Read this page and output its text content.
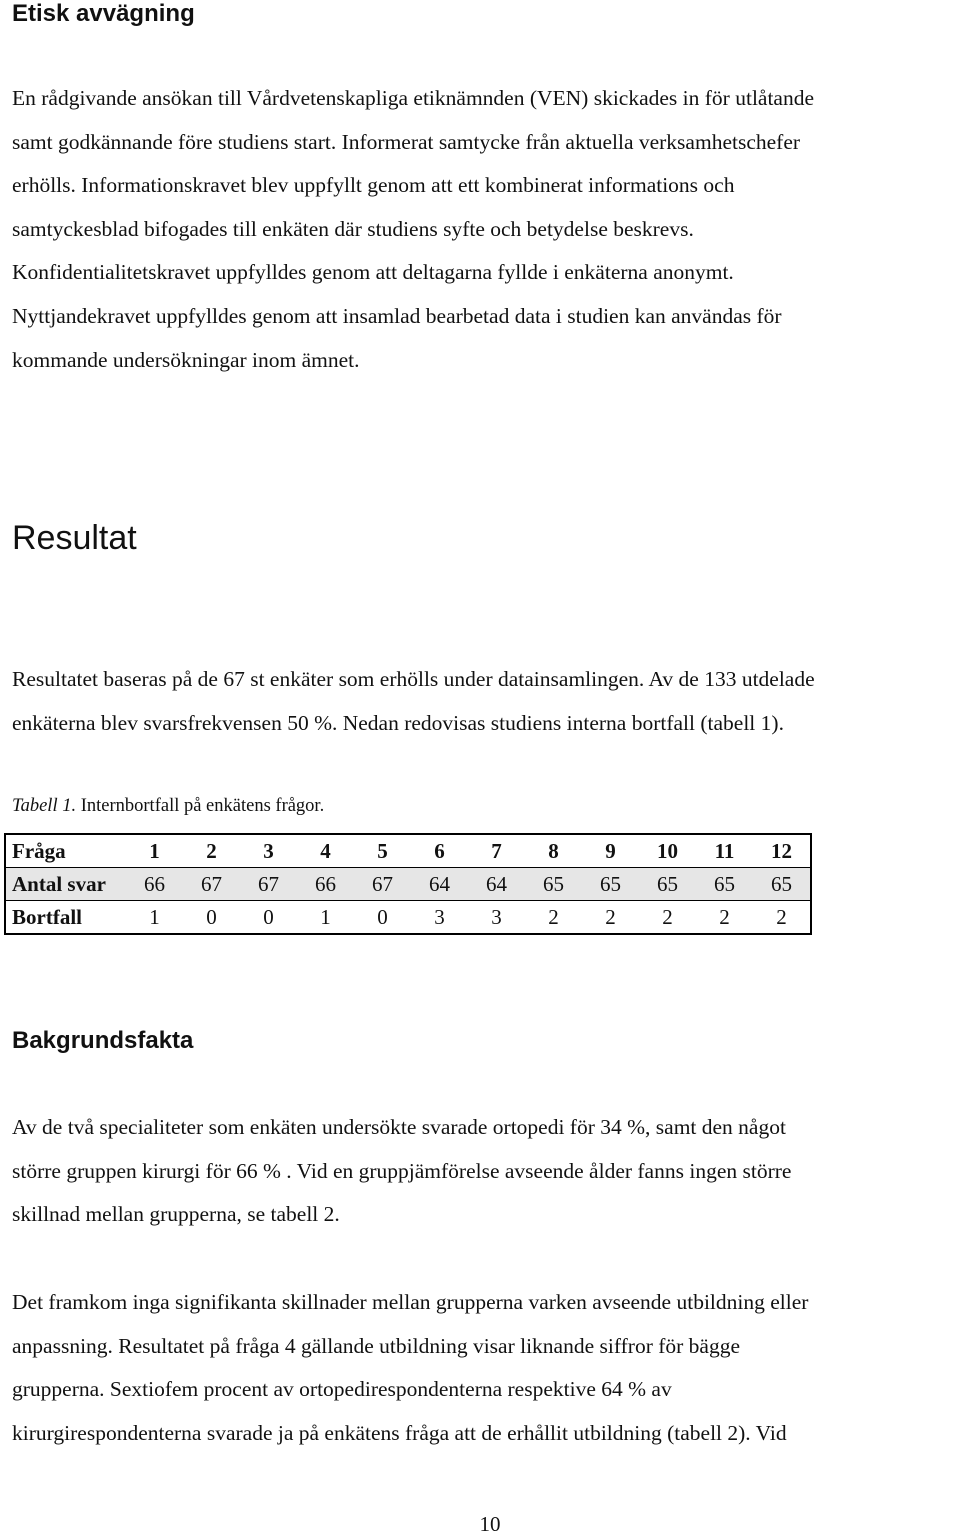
Etisk avvägning
En rådgivande ansökan till Vårdvetenskapliga etiknämnden (VEN) skickades in för utlåtande
samt godkännande före studiens start. Informerat samtycke från aktuella verksamhetschefer
erhölls. Informationskravet blev uppfyllt genom att ett kombinerat informations och
samtyckesblad bifogades till enkäten där studiens syfte och betydelse beskrevs.
Konfidentialitetskravet uppfylldes genom att deltagarna fyllde i enkäterna anonymt.
Nyttjandekravet uppfylldes genom att insamlad bearbetad data i studien kan användas för
kommande undersökningar inom ämnet.
Resultat
Resultatet baseras på de 67 st enkäter som erhölls under datainsamlingen. Av de 133 utdelade
enkäterna blev svarsfrekvensen 50 %. Nedan redovisas studiens interna bortfall (tabell 1).
Tabell 1. Internbortfall på enkätens frågor.
Fråga	1	2	3	4	5	6	7	8	9	10	11	12
Antal svar	66	67	67	66	67	64	64	65	65	65	65	65
Bortfall	1	0	0	1	0	3	3	2	2	2	2	2
Bakgrundsfakta
Av de två specialiteter som enkäten undersökte svarade ortopedi för 34 %, samt den något
större gruppen kirurgi för 66 % . Vid en gruppjämförelse avseende ålder fanns ingen större
skillnad mellan grupperna, se tabell 2.
Det framkom inga signifikanta skillnader mellan grupperna varken avseende utbildning eller
anpassning. Resultatet på fråga 4 gällande utbildning visar liknande siffror för bägge
grupperna. Sextiofem procent av ortopedirespondenterna respektive 64 % av
kirurgirespondenterna svarade ja på enkätens fråga att de erhållit utbildning (tabell 2). Vid
10
